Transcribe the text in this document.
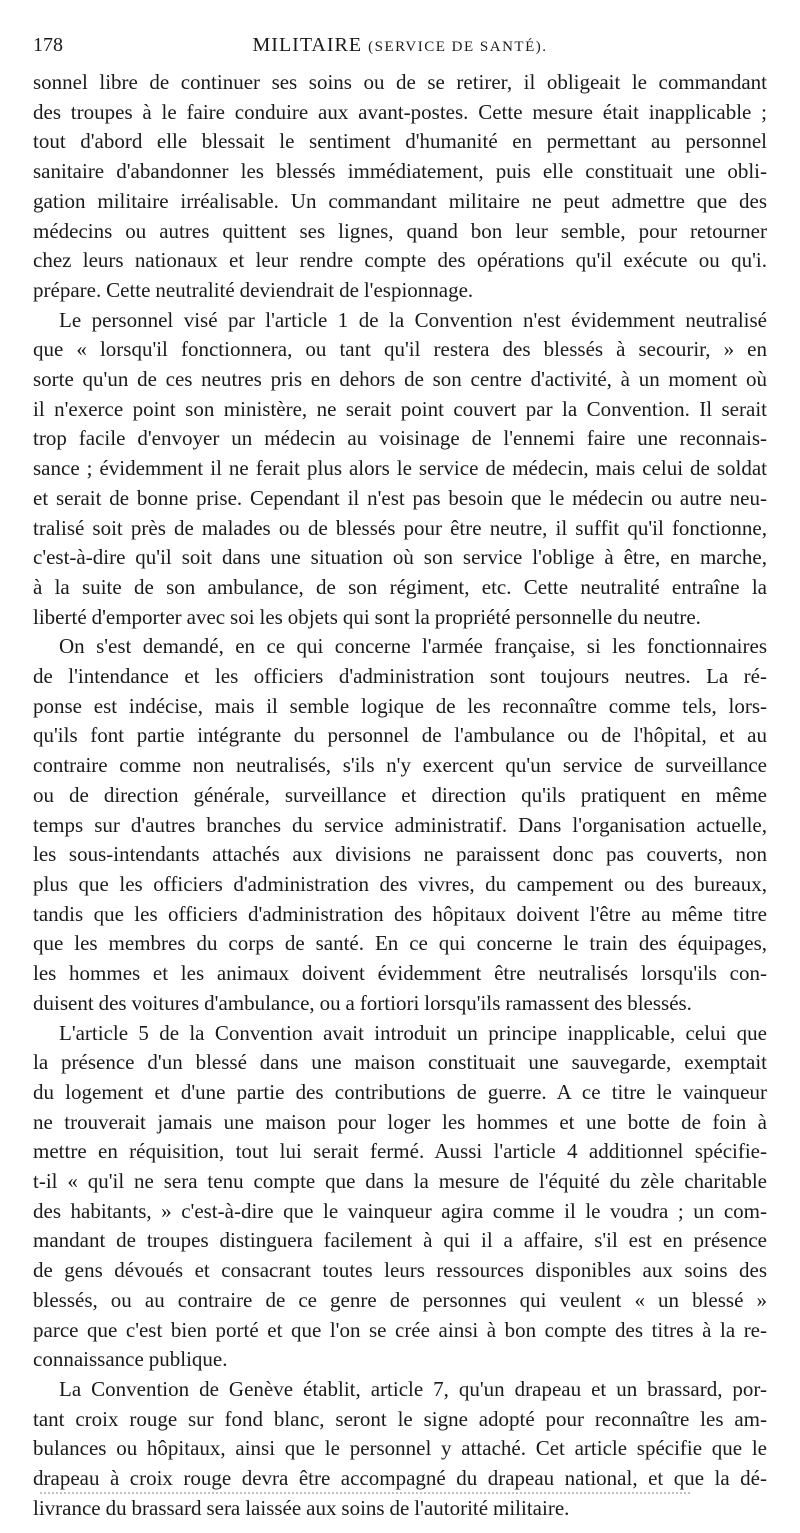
178	MILITAIRE (SERVICE DE SANTÉ).
sonnel libre de continuer ses soins ou de se retirer, il obligeait le commandant
des troupes à le faire conduire aux avant-postes. Cette mesure était inapplicable ;
tout d'abord elle blessait le sentiment d'humanité en permettant au personnel
sanitaire d'abandonner les blessés immédiatement, puis elle constituait une obli-
gation militaire irréalisable. Un commandant militaire ne peut admettre que des
médecins ou autres quittent ses lignes, quand bon leur semble, pour retourner
chez leurs nationaux et leur rendre compte des opérations qu'il exécute ou qu'i.
prépare. Cette neutralité deviendrait de l'espionnage.
Le personnel visé par l'article 1 de la Convention n'est évidemment neutralisé
que « lorsqu'il fonctionnera, ou tant qu'il restera des blessés à secourir, » en
sorte qu'un de ces neutres pris en dehors de son centre d'activité, à un moment où
il n'exerce point son ministère, ne serait point couvert par la Convention. Il serait
trop facile d'envoyer un médecin au voisinage de l'ennemi faire une reconnais-
sance ; évidemment il ne ferait plus alors le service de médecin, mais celui de soldat
et serait de bonne prise. Cependant il n'est pas besoin que le médecin ou autre neu-
tralisé soit près de malades ou de blessés pour être neutre, il suffit qu'il fonctionne,
c'est-à-dire qu'il soit dans une situation où son service l'oblige à être, en marche,
à la suite de son ambulance, de son régiment, etc. Cette neutralité entraîne la
liberté d'emporter avec soi les objets qui sont la propriété personnelle du neutre.
On s'est demandé, en ce qui concerne l'armée française, si les fonctionnaires
de l'intendance et les officiers d'administration sont toujours neutres. La ré-
ponse est indécise, mais il semble logique de les reconnaître comme tels, lors-
qu'ils font partie intégrante du personnel de l'ambulance ou de l'hôpital, et au
contraire comme non neutralisés, s'ils n'y exercent qu'un service de surveillance
ou de direction générale, surveillance et direction qu'ils pratiquent en même
temps sur d'autres branches du service administratif. Dans l'organisation actuelle,
les sous-intendants attachés aux divisions ne paraissent donc pas couverts, non
plus que les officiers d'administration des vivres, du campement ou des bureaux,
tandis que les officiers d'administration des hôpitaux doivent l'être au même titre
que les membres du corps de santé. En ce qui concerne le train des équipages,
les hommes et les animaux doivent évidemment être neutralisés lorsqu'ils con-
duisent des voitures d'ambulance, ou a fortiori lorsqu'ils ramassent des blessés.
L'article 5 de la Convention avait introduit un principe inapplicable, celui que
la présence d'un blessé dans une maison constituait une sauvegarde, exemptait
du logement et d'une partie des contributions de guerre. A ce titre le vainqueur
ne trouverait jamais une maison pour loger les hommes et une botte de foin à
mettre en réquisition, tout lui serait fermé. Aussi l'article 4 additionnel spécifie-
t-il « qu'il ne sera tenu compte que dans la mesure de l'équité du zèle charitable
des habitants, » c'est-à-dire que le vainqueur agira comme il le voudra ; un com-
mandant de troupes distinguera facilement à qui il a affaire, s'il est en présence
de gens dévoués et consacrant toutes leurs ressources disponibles aux soins des
blessés, ou au contraire de ce genre de personnes qui veulent « un blessé »
parce que c'est bien porté et que l'on se crée ainsi à bon compte des titres à la re-
connaissance publique.
La Convention de Genève établit, article 7, qu'un drapeau et un brassard, por-
tant croix rouge sur fond blanc, seront le signe adopté pour reconnaître les am-
bulances ou hôpitaux, ainsi que le personnel y attaché. Cet article spécifie que le
drapeau à croix rouge devra être accompagné du drapeau national, et que la dé-
livrance du brassard sera laissée aux soins de l'autorité militaire.
